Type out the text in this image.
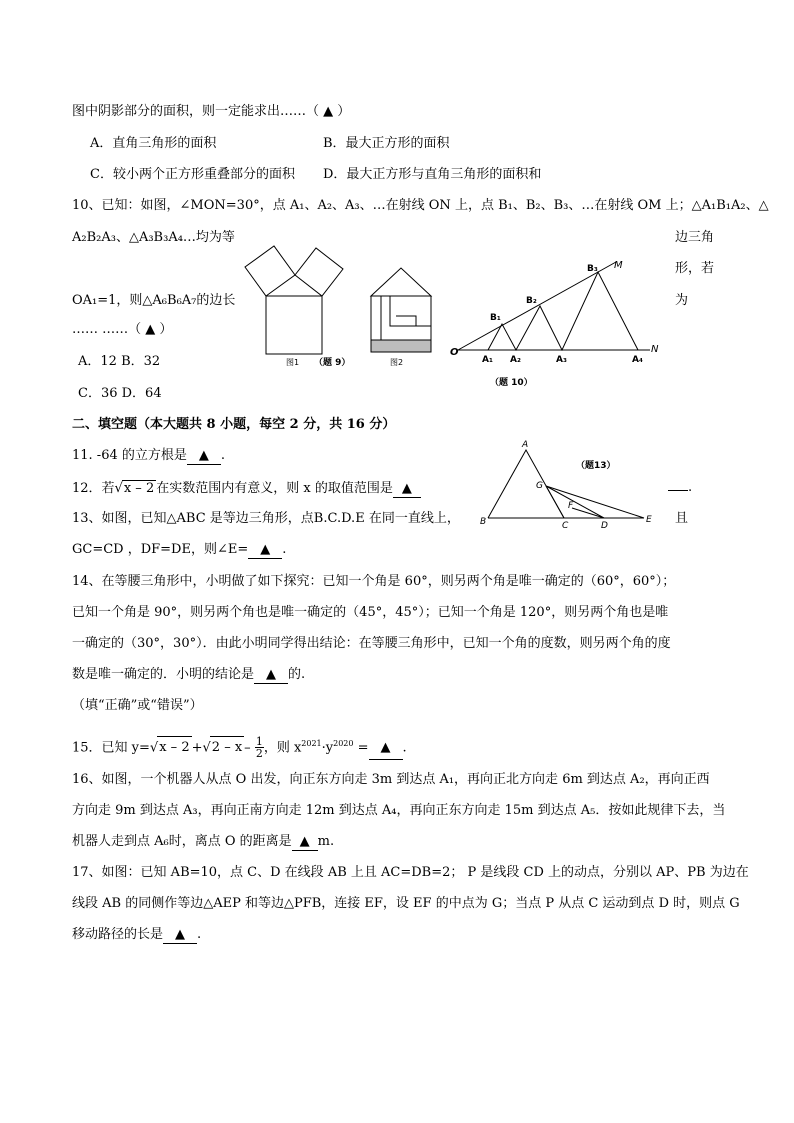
图中阴影部分的面积，则一定能求出……（ ▲ ）
A．直角三角形的面积	B．最大正方形的面积
C．较小两个正方形重叠部分的面积 D．最大正方形与直角三角形的面积和
10、已知：如图，∠MON=30°，点 A₁、A₂、A₃、…在射线 ON 上，点 B₁、B₂、B₃、…在射线 OM 上；△A₁B₁A₂、△
A₂B₂A₃、△A₃B₃A₄…均为等	边三角
形，若
OA₁=1，则△A₆B₆A₇的边长	为
…… ……（ ▲ ）
A．12 B．32
C．36 D．64
图1 （题 9）	图2
O
M
N
A₁ A₂	A₃	A₄
B₁
B₂
B₃
（题 10）
二、填空题（本大题共 8 小题，每空 2 分，共 16 分）
11. -64 的立方根是 ▲ .
12．若√x – 2 在实数范围内有意义，则 x 的取值范围是 ▲	.
13、如图，已知△ABC 是等边三角形，点B.C.D.E 在同一直线上，	且
GC=CD ，DF=DE，则∠E= ▲ .
A
B	C	D
E
F
G
（题13）
14、在等腰三角形中，小明做了如下探究：已知一个角是 60°，则另两个角是唯一确定的（60°，60°）；
已知一个角是 90°，则另两个角也是唯一确定的（45°，45°）；已知一个角是 120°，则另两个角也是唯
一确定的（30°，30°）．由此小明同学得出结论：在等腰三角形中，已知一个角的度数，则另两个角的度
数是唯一确定的．小明的结论是 ▲ 的.
（填“正确”或“错误”）
15．已知 $y=√x - 2 +√2 - x - \frac{1}{2}$ ，则 $x^{2021}\cdot y^{2020}$ = ▲ .
16、如图，一个机器人从点 O 出发，向正东方向走 3m 到达点 A₁，再向正北方向走 6m 到达点 A₂，再向正西
方向走 9m 到达点 A₃，再向正南方向走 12m 到达点 A₄，再向正东方向走 15m 到达点 A₅．按如此规律下去，当
机器人走到点 A₆时，离点 O 的距离是 ▲ m.
17、如图：已知 AB=10，点 C、D 在线段 AB 上且 AC=DB=2； P 是线段 CD 上的动点，分别以 AP、PB 为边在
线段 AB 的同侧作等边△AEP 和等边△PFB，连接 EF，设 EF 的中点为 G；当点 P 从点 C 运动到点 D 时，则点 G
移动路径的长是 ▲ .
